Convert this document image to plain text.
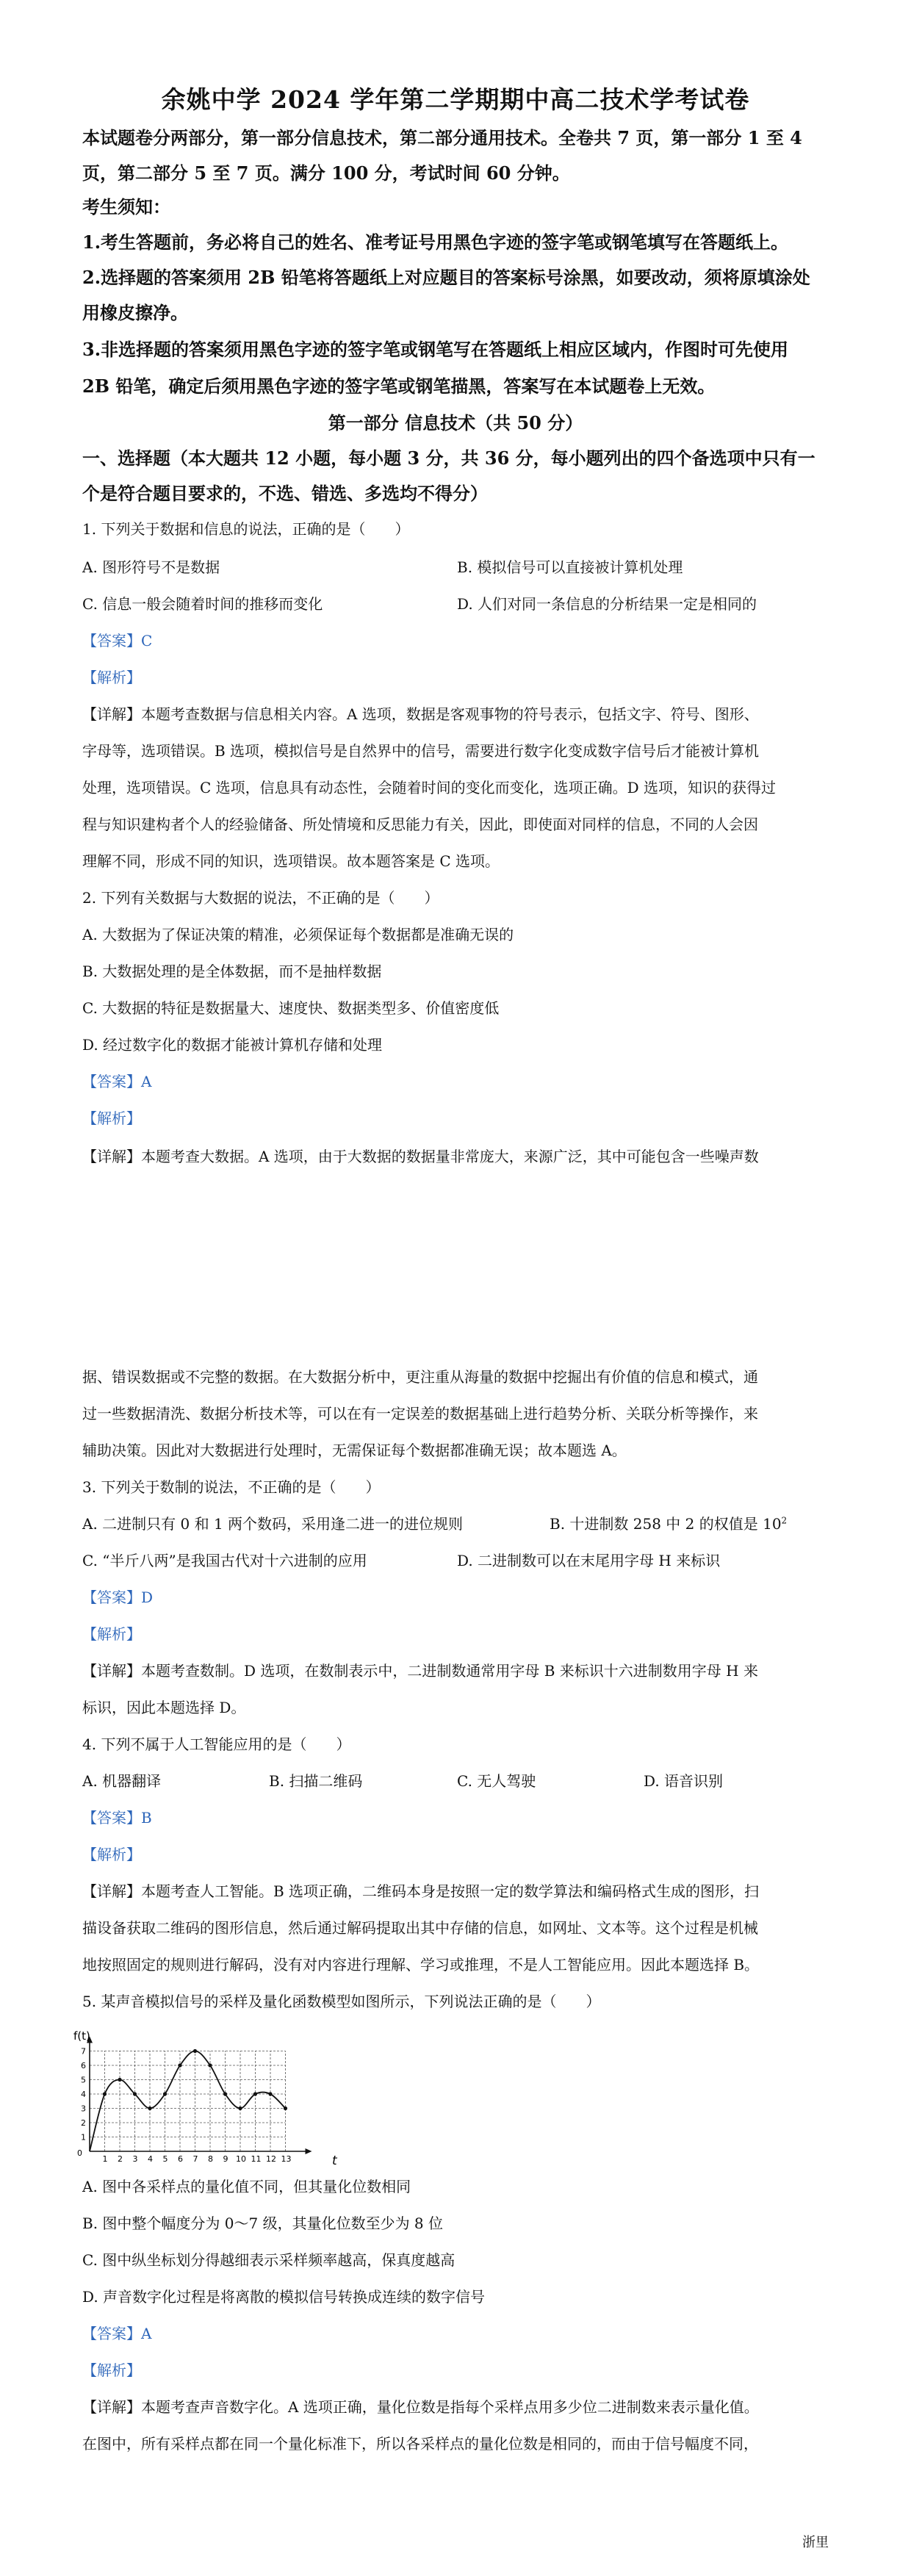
余姚中学 2024 学年第二学期期中高二技术学考试卷
本试题卷分两部分，第一部分信息技术，第二部分通用技术。全卷共 7 页，第一部分 1 至 4 页，第二部分 5 至 7 页。满分 100 分，考试时间 60 分钟。
考生须知：
1.考生答题前，务必将自己的姓名、准考证号用黑色字迹的签字笔或钢笔填写在答题纸上。
2.选择题的答案须用 2B 铅笔将答题纸上对应题目的答案标号涂黑，如要改动，须将原填涂处
用橡皮擦净。
3.非选择题的答案须用黑色字迹的签字笔或钢笔写在答题纸上相应区域内，作图时可先使用
2B 铅笔，确定后须用黑色字迹的签字笔或钢笔描黑，答案写在本试题卷上无效。
第一部分 信息技术（共 50 分）
一、选择题（本大题共 12 小题，每小题 3 分，共 36 分，每小题列出的四个备选项中只有一
个是符合题目要求的，不选、错选、多选均不得分）
1. 下列关于数据和信息的说法，正确的是（　　）
A. 图形符号不是数据	B. 模拟信号可以直接被计算机处理
C. 信息一般会随着时间的推移而变化	D. 人们对同一条信息的分析结果一定是相同的
【答案】C
【解析】
【详解】本题考查数据与信息相关内容。A 选项，数据是客观事物的符号表示，包括文字、符号、图形、
字母等，选项错误。B 选项，模拟信号是自然界中的信号，需要进行数字化变成数字信号后才能被计算机
处理，选项错误。C 选项，信息具有动态性，会随着时间的变化而变化，选项正确。D 选项，知识的获得过
程与知识建构者个人的经验储备、所处情境和反思能力有关，因此，即使面对同样的信息，不同的人会因
理解不同，形成不同的知识，选项错误。故本题答案是 C 选项。
2. 下列有关数据与大数据的说法，不正确的是（　　）
A. 大数据为了保证决策的精准，必须保证每个数据都是准确无误的
B. 大数据处理的是全体数据，而不是抽样数据
C. 大数据的特征是数据量大、速度快、数据类型多、价值密度低
D. 经过数字化的数据才能被计算机存储和处理
【答案】A
【解析】
【详解】本题考查大数据。A 选项，由于大数据的数据量非常庞大，来源广泛，其中可能包含一些噪声数
据、错误数据或不完整的数据。在大数据分析中，更注重从海量的数据中挖掘出有价值的信息和模式，通
过一些数据清洗、数据分析技术等，可以在有一定误差的数据基础上进行趋势分析、关联分析等操作，来
辅助决策。因此对大数据进行处理时，无需保证每个数据都准确无误；故本题选 A。
3. 下列关于数制的说法，不正确的是（　　）
A. 二进制只有 0 和 1 两个数码，采用逢二进一的进位规则	B. 十进制数 258 中 2 的权值是 $10^2$
C. “半斤八两”是我国古代对十六进制的应用	D. 二进制数可以在末尾用字母 H 来标识
【答案】D
【解析】
【详解】本题考查数制。D 选项，在数制表示中，二进制数通常用字母 B 来标识十六进制数用字母 H 来
标识，因此本题选择 D。
4. 下列不属于人工智能应用的是（　　）
A. 机器翻译	B. 扫描二维码	C. 无人驾驶	D. 语音识别
【答案】B
【解析】
【详解】本题考查人工智能。B 选项正确，二维码本身是按照一定的数学算法和编码格式生成的图形，扫
描设备获取二维码的图形信息，然后通过解码提取出其中存储的信息，如网址、文本等。这个过程是机械
地按照固定的规则进行解码，没有对内容进行理解、学习或推理，不是人工智能应用。因此本题选择 B。
5. 某声音模拟信号的采样及量化函数模型如图所示，下列说法正确的是（　　）
1
2
3
4
5
6
7
1 2 3 4 5 6 7 8 9 10 11 12 13
f(t)
t
0
A. 图中各采样点的量化值不同，但其量化位数相同
B. 图中整个幅度分为 0～7 级，其量化位数至少为 8 位
C. 图中纵坐标划分得越细表示采样频率越高，保真度越高
D. 声音数字化过程是将离散的模拟信号转换成连续的数字信号
【答案】A
【解析】
【详解】本题考查声音数字化。A 选项正确，量化位数是指每个采样点用多少位二进制数来表示量化值。
在图中，所有采样点都在同一个量化标准下，所以各采样点的量化位数是相同的，而由于信号幅度不同，
浙里
